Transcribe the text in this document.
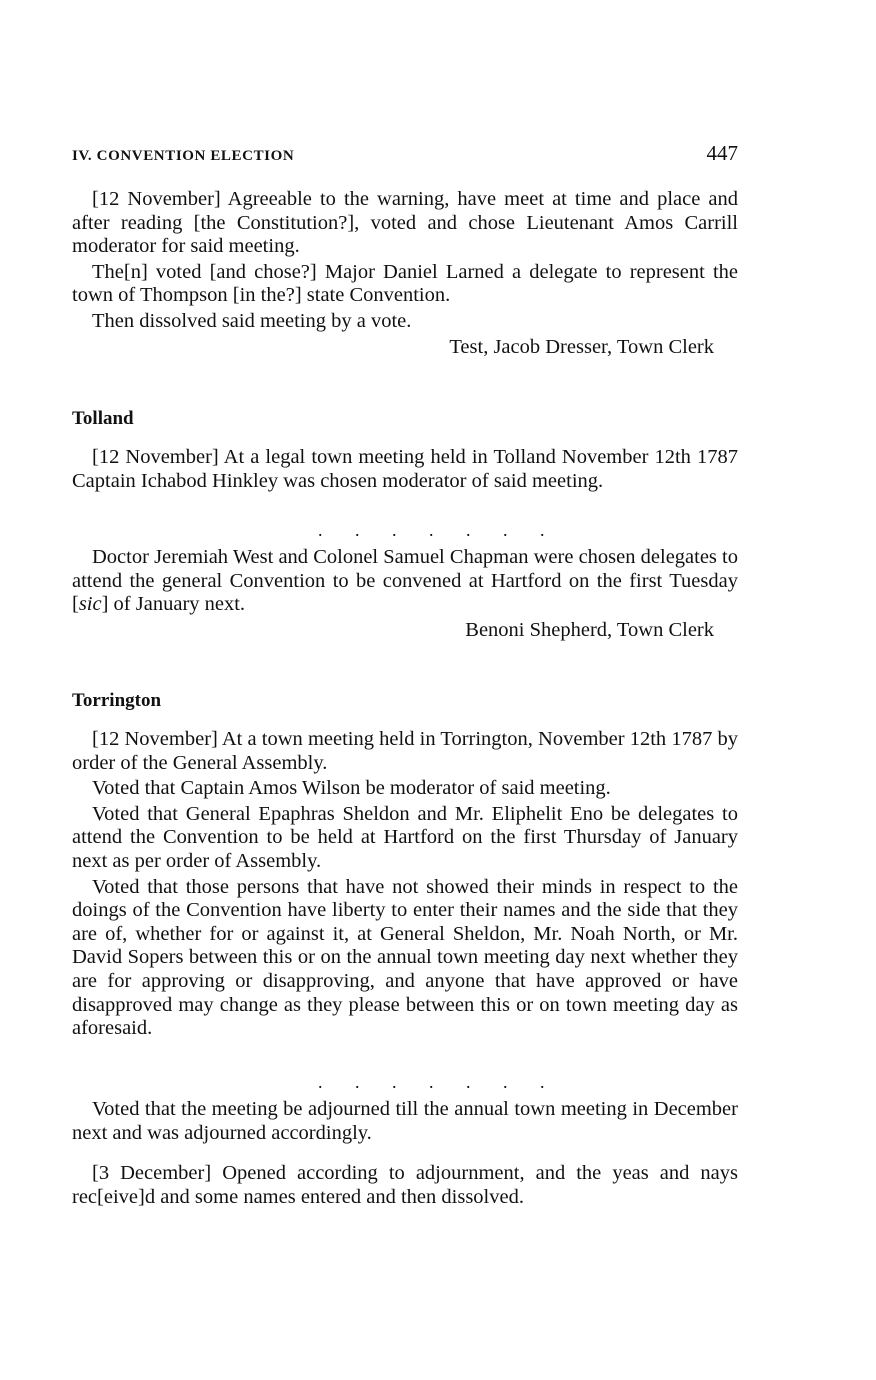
IV. CONVENTION ELECTION	447

[12 November] Agreeable to the warning, have meet at time and place and after reading [the Constitution?], voted and chose Lieutenant Amos Carrill moderator for said meeting.

The[n] voted [and chose?] Major Daniel Larned a delegate to represent the town of Thompson [in the?] state Convention.

Then dissolved said meeting by a vote.

Test, Jacob Dresser, Town Clerk

Tolland

[12 November] At a legal town meeting held in Tolland November 12th 1787 Captain Ichabod Hinkley was chosen moderator of said meeting.

. . . . . . .

Doctor Jeremiah West and Colonel Samuel Chapman were chosen delegates to attend the general Convention to be convened at Hartford on the first Tuesday [sic] of January next.

Benoni Shepherd, Town Clerk

Torrington

[12 November] At a town meeting held in Torrington, November 12th 1787 by order of the General Assembly.

Voted that Captain Amos Wilson be moderator of said meeting.

Voted that General Epaphras Sheldon and Mr. Eliphelit Eno be delegates to attend the Convention to be held at Hartford on the first Thursday of January next as per order of Assembly.

Voted that those persons that have not showed their minds in respect to the doings of the Convention have liberty to enter their names and the side that they are of, whether for or against it, at General Sheldon, Mr. Noah North, or Mr. David Sopers between this or on the annual town meeting day next whether they are for approving or disapproving, and anyone that have approved or have disapproved may change as they please between this or on town meeting day as aforesaid.

. . . . . . .

Voted that the meeting be adjourned till the annual town meeting in December next and was adjourned accordingly.

[3 December] Opened according to adjournment, and the yeas and nays rec[eive]d and some names entered and then dissolved.
